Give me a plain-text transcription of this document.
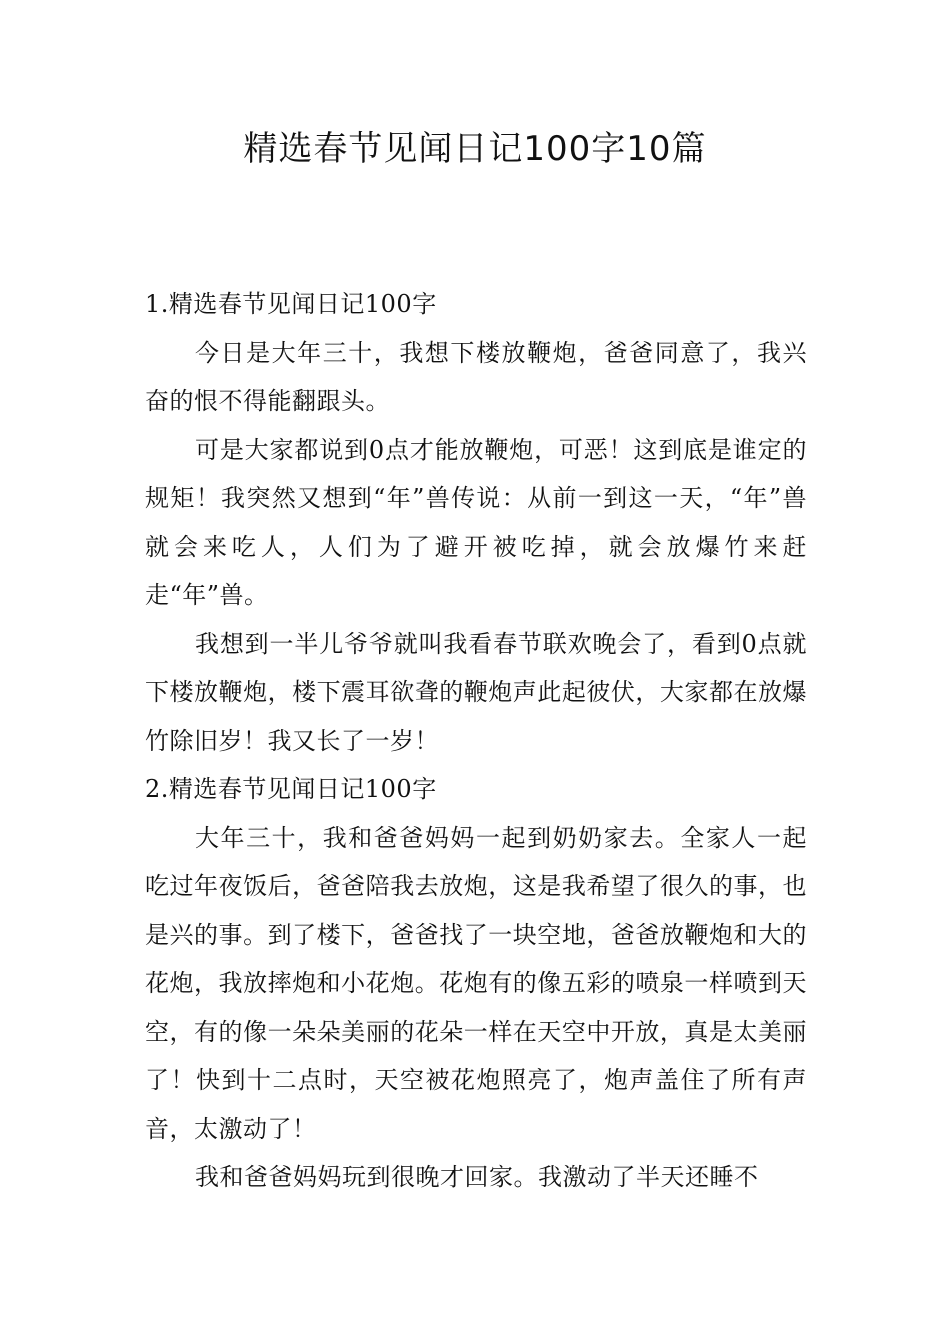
精选春节见闻日记100字10篇
1.精选春节见闻日记100字

今日是大年三十，我想下楼放鞭炮，爸爸同意了，我兴奋的恨不得能翻跟头。

可是大家都说到0点才能放鞭炮，可恶！这到底是谁定的规矩！我突然又想到“年”兽传说：从前一到这一天，“年”兽就会来吃人，人们为了避开被吃掉，就会放爆竹来赶走“年”兽。

我想到一半儿爷爷就叫我看春节联欢晚会了，看到0点就下楼放鞭炮，楼下震耳欲聋的鞭炮声此起彼伏，大家都在放爆竹除旧岁！我又长了一岁！

2.精选春节见闻日记100字

大年三十，我和爸爸妈妈一起到奶奶家去。全家人一起吃过年夜饭后，爸爸陪我去放炮，这是我希望了很久的事，也是兴的事。到了楼下，爸爸找了一块空地，爸爸放鞭炮和大的花炮，我放摔炮和小花炮。花炮有的像五彩的喷泉一样喷到天空，有的像一朵朵美丽的花朵一样在天空中开放，真是太美丽了！快到十二点时，天空被花炮照亮了，炮声盖住了所有声音，太激动了！

我和爸爸妈妈玩到很晚才回家。我激动了半天还睡不
